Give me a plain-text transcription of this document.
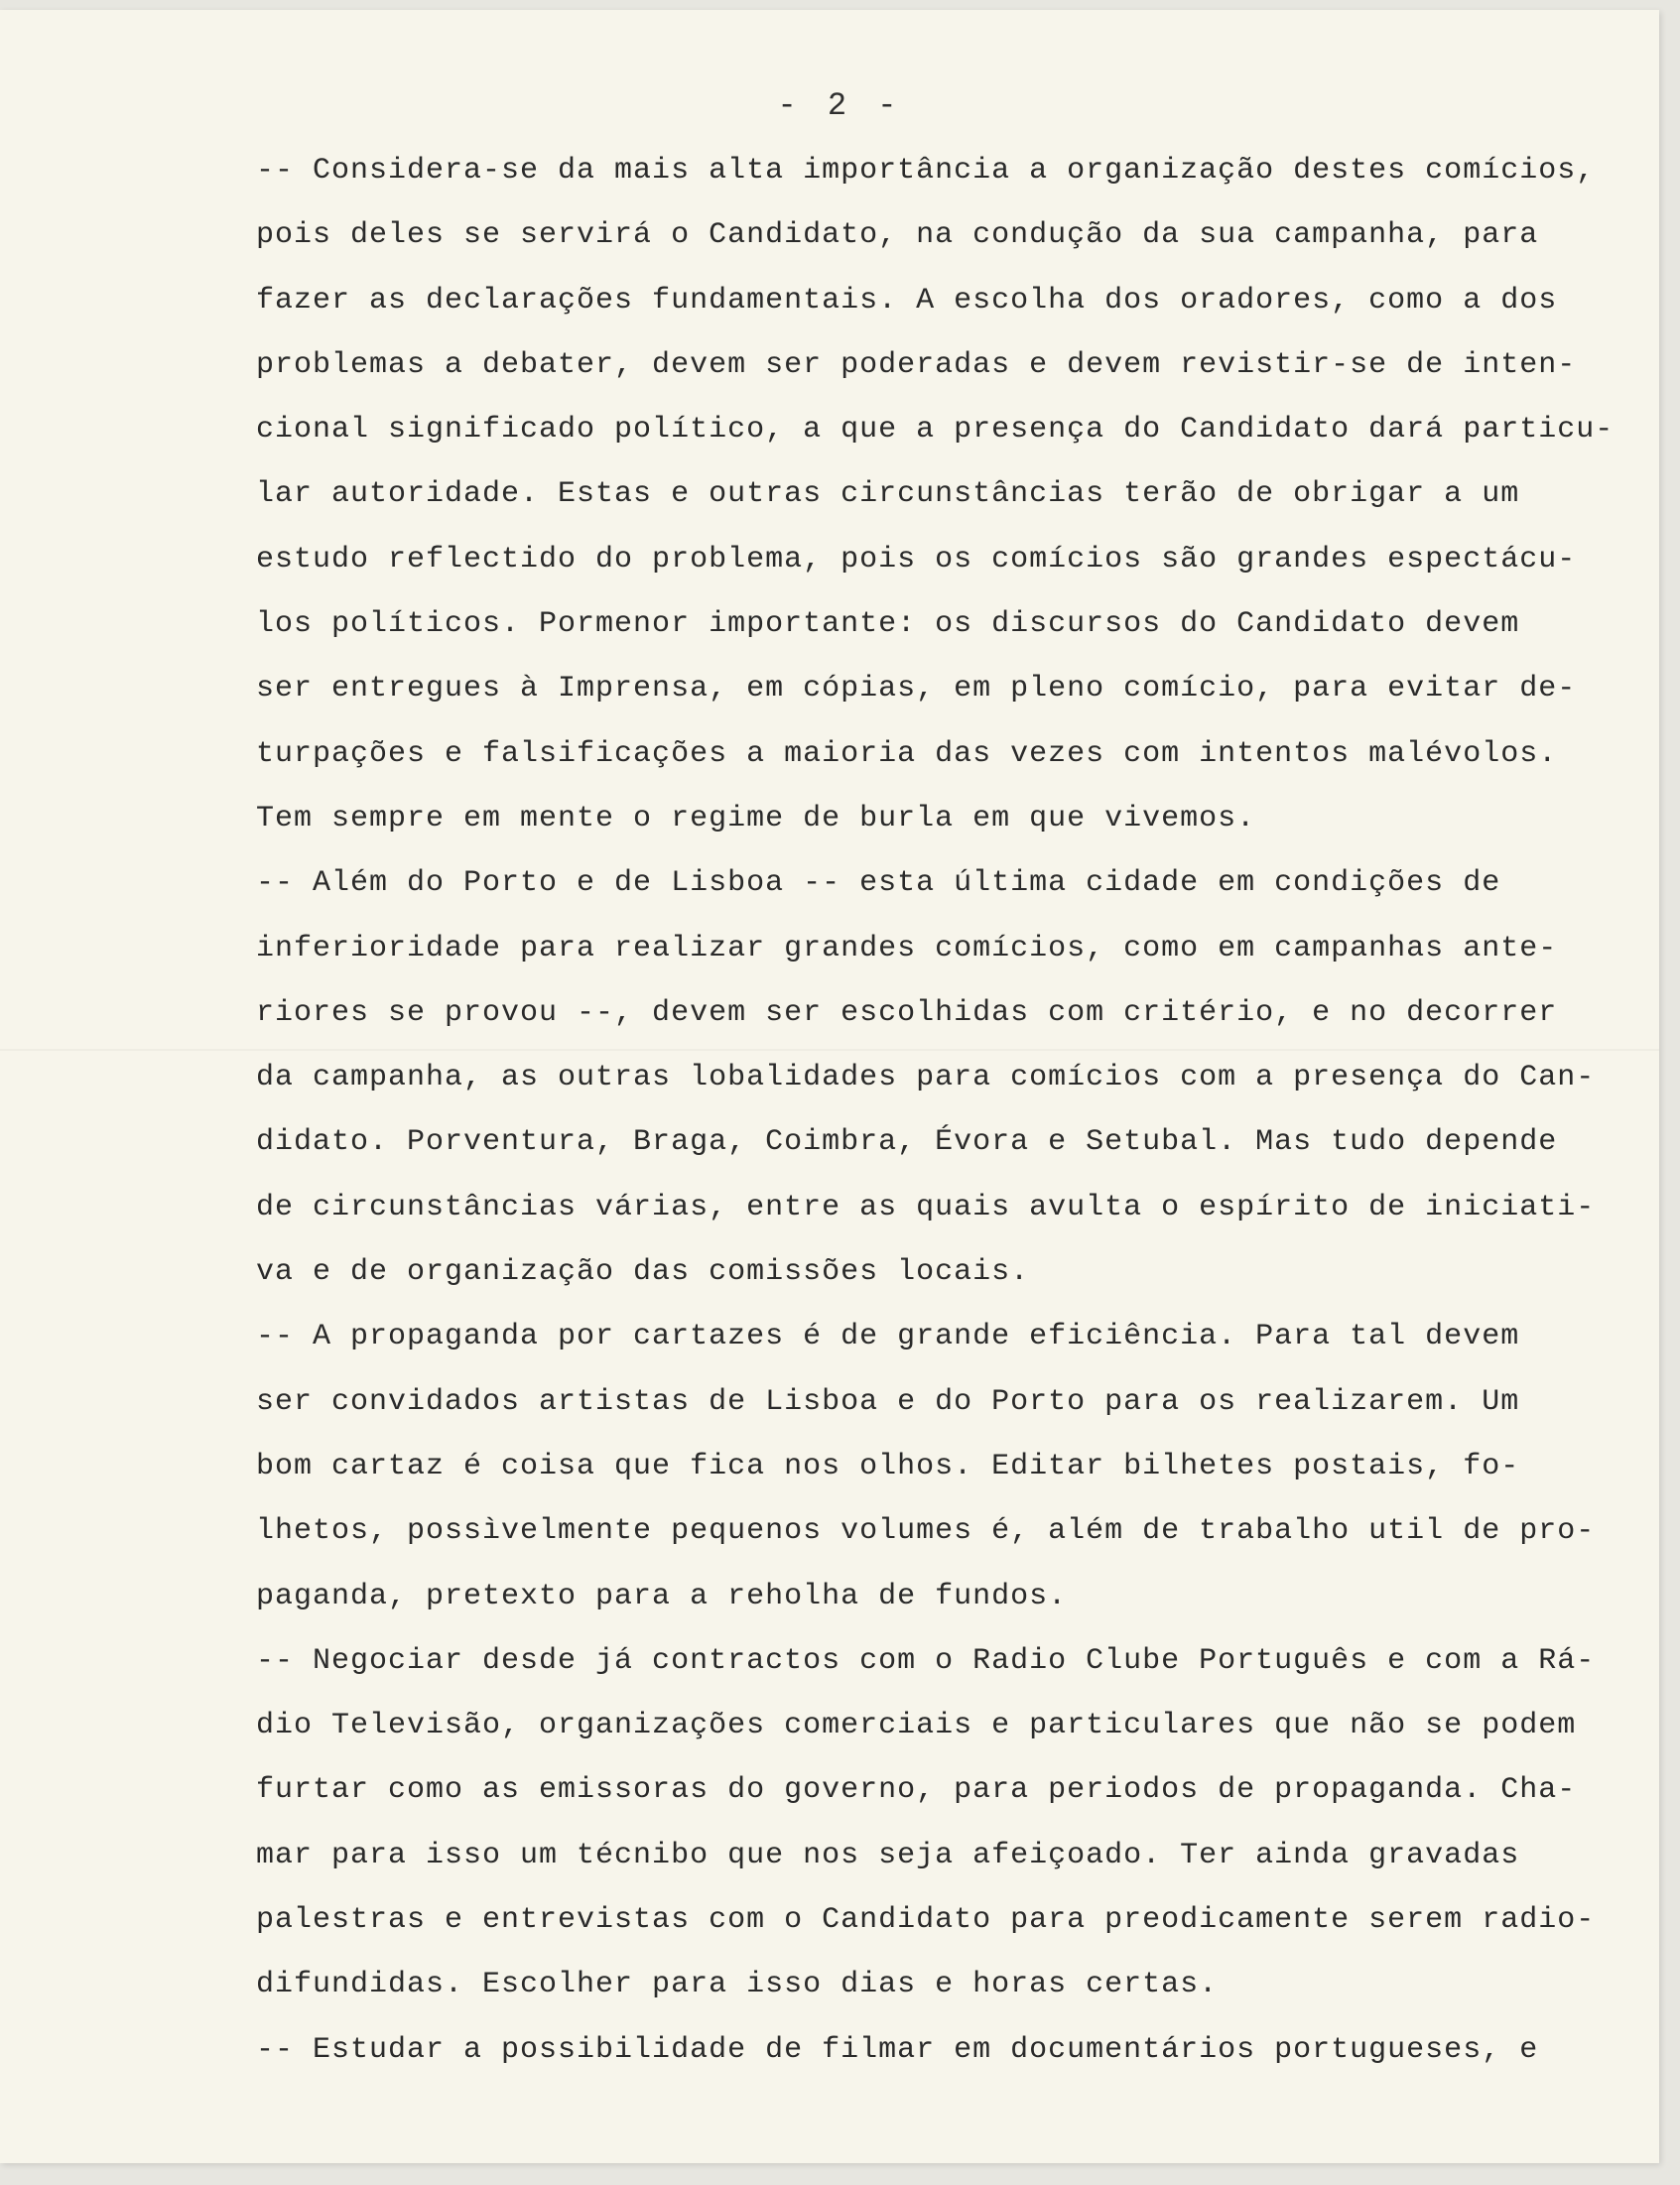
- 2 -
-- Considera-se da mais alta importância a organização destes comícios,
pois deles se servirá o Candidato, na condução da sua campanha, para
fazer as declarações fundamentais. A escolha dos oradores, como a dos
problemas a debater, devem ser poderadas e devem revistir-se de inten-
cional significado político, a que a presença do Candidato dará particu-
lar autoridade. Estas e outras circunstâncias terão de obrigar a um
estudo reflectido do problema, pois os comícios são grandes espectácu-
los políticos. Pormenor importante: os discursos do Candidato devem
ser entregues à Imprensa, em cópias, em pleno comício, para evitar de-
turpações e falsificações a maioria das vezes com intentos malévolos.
Tem sempre em mente o regime de burla em que vivemos.
-- Além do Porto e de Lisboa -- esta última cidade em condições de
inferioridade para realizar grandes comícios, como em campanhas ante-
riores se provou --, devem ser escolhidas com critério, e no decorrer
da campanha, as outras lobalidades para comícios com a presença do Can-
didato. Porventura, Braga, Coimbra, Évora e Setubal. Mas tudo depende
de circunstâncias várias, entre as quais avulta o espírito de iniciati-
va e de organização das comissões locais.
-- A propaganda por cartazes é de grande eficiência. Para tal devem
ser convidados artistas de Lisboa e do Porto para os realizarem. Um
bom cartaz é coisa que fica nos olhos. Editar bilhetes postais, fo-
lhetos, possìvelmente pequenos volumes é, além de trabalho util de pro-
paganda, pretexto para a reholha de fundos.
-- Negociar desde já contractos com o Radio Clube Português e com a Rá-
dio Televisão, organizações comerciais e particulares que não se podem
furtar como as emissoras do governo, para periodos de propaganda. Cha-
mar para isso um técnibo que nos seja afeiçoado. Ter ainda gravadas
palestras e entrevistas com o Candidato para preodicamente serem radio-
difundidas. Escolher para isso dias e horas certas.
-- Estudar a possibilidade de filmar em documentários portugueses, e
